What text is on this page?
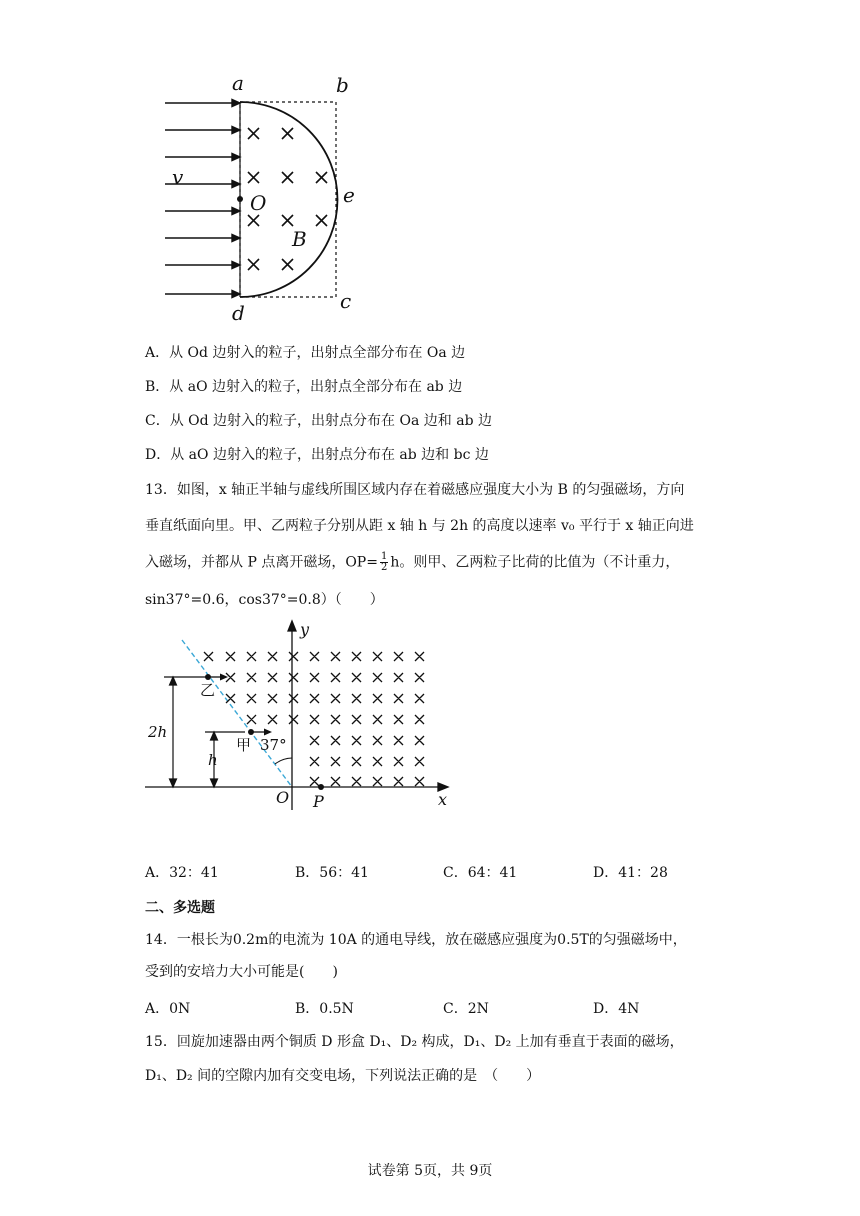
a	b
c
d
e
O
B
v
A．从 Od 边射入的粒子，出射点全部分布在 Oa 边
B．从 aO 边射入的粒子，出射点全部分布在 ab 边
C．从 Od 边射入的粒子，出射点分布在 Oa 边和 ab 边
D．从 aO 边射入的粒子，出射点分布在 ab 边和 bc 边
13．如图，x 轴正半轴与虚线所围区域内存在着磁感应强度大小为 B 的匀强磁场，方向
垂直纸面向里。甲、乙两粒子分别从距 x 轴 h 与 2h 的高度以速率 v₀ 平行于 x 轴正向进
入磁场，并都从 P 点离开磁场，$OP= \frac{1}{2}$ h。则甲、乙两粒子比荷的比值为（不计重力，
sin37°=0.6，cos37°=0.8）（　　）
y
x
O P
乙
甲 37°
2h
h
A．32：41	B．56：41	C．64：41	D．41：28
二、多选题
14．一根长为0.2m的电流为 10A 的通电导线，放在磁感应强度为0.5T的匀强磁场中，
受到的安培力大小可能是(　　)
A．0N	B．0.5N	C．2N	D．4N
15．回旋加速器由两个铜质 D 形盒 D₁、D₂ 构成，D₁、D₂ 上加有垂直于表面的磁场，
D₁、D₂ 间的空隙内加有交变电场，下列说法正确的是　（　　）
试卷第 5页，共 9页
